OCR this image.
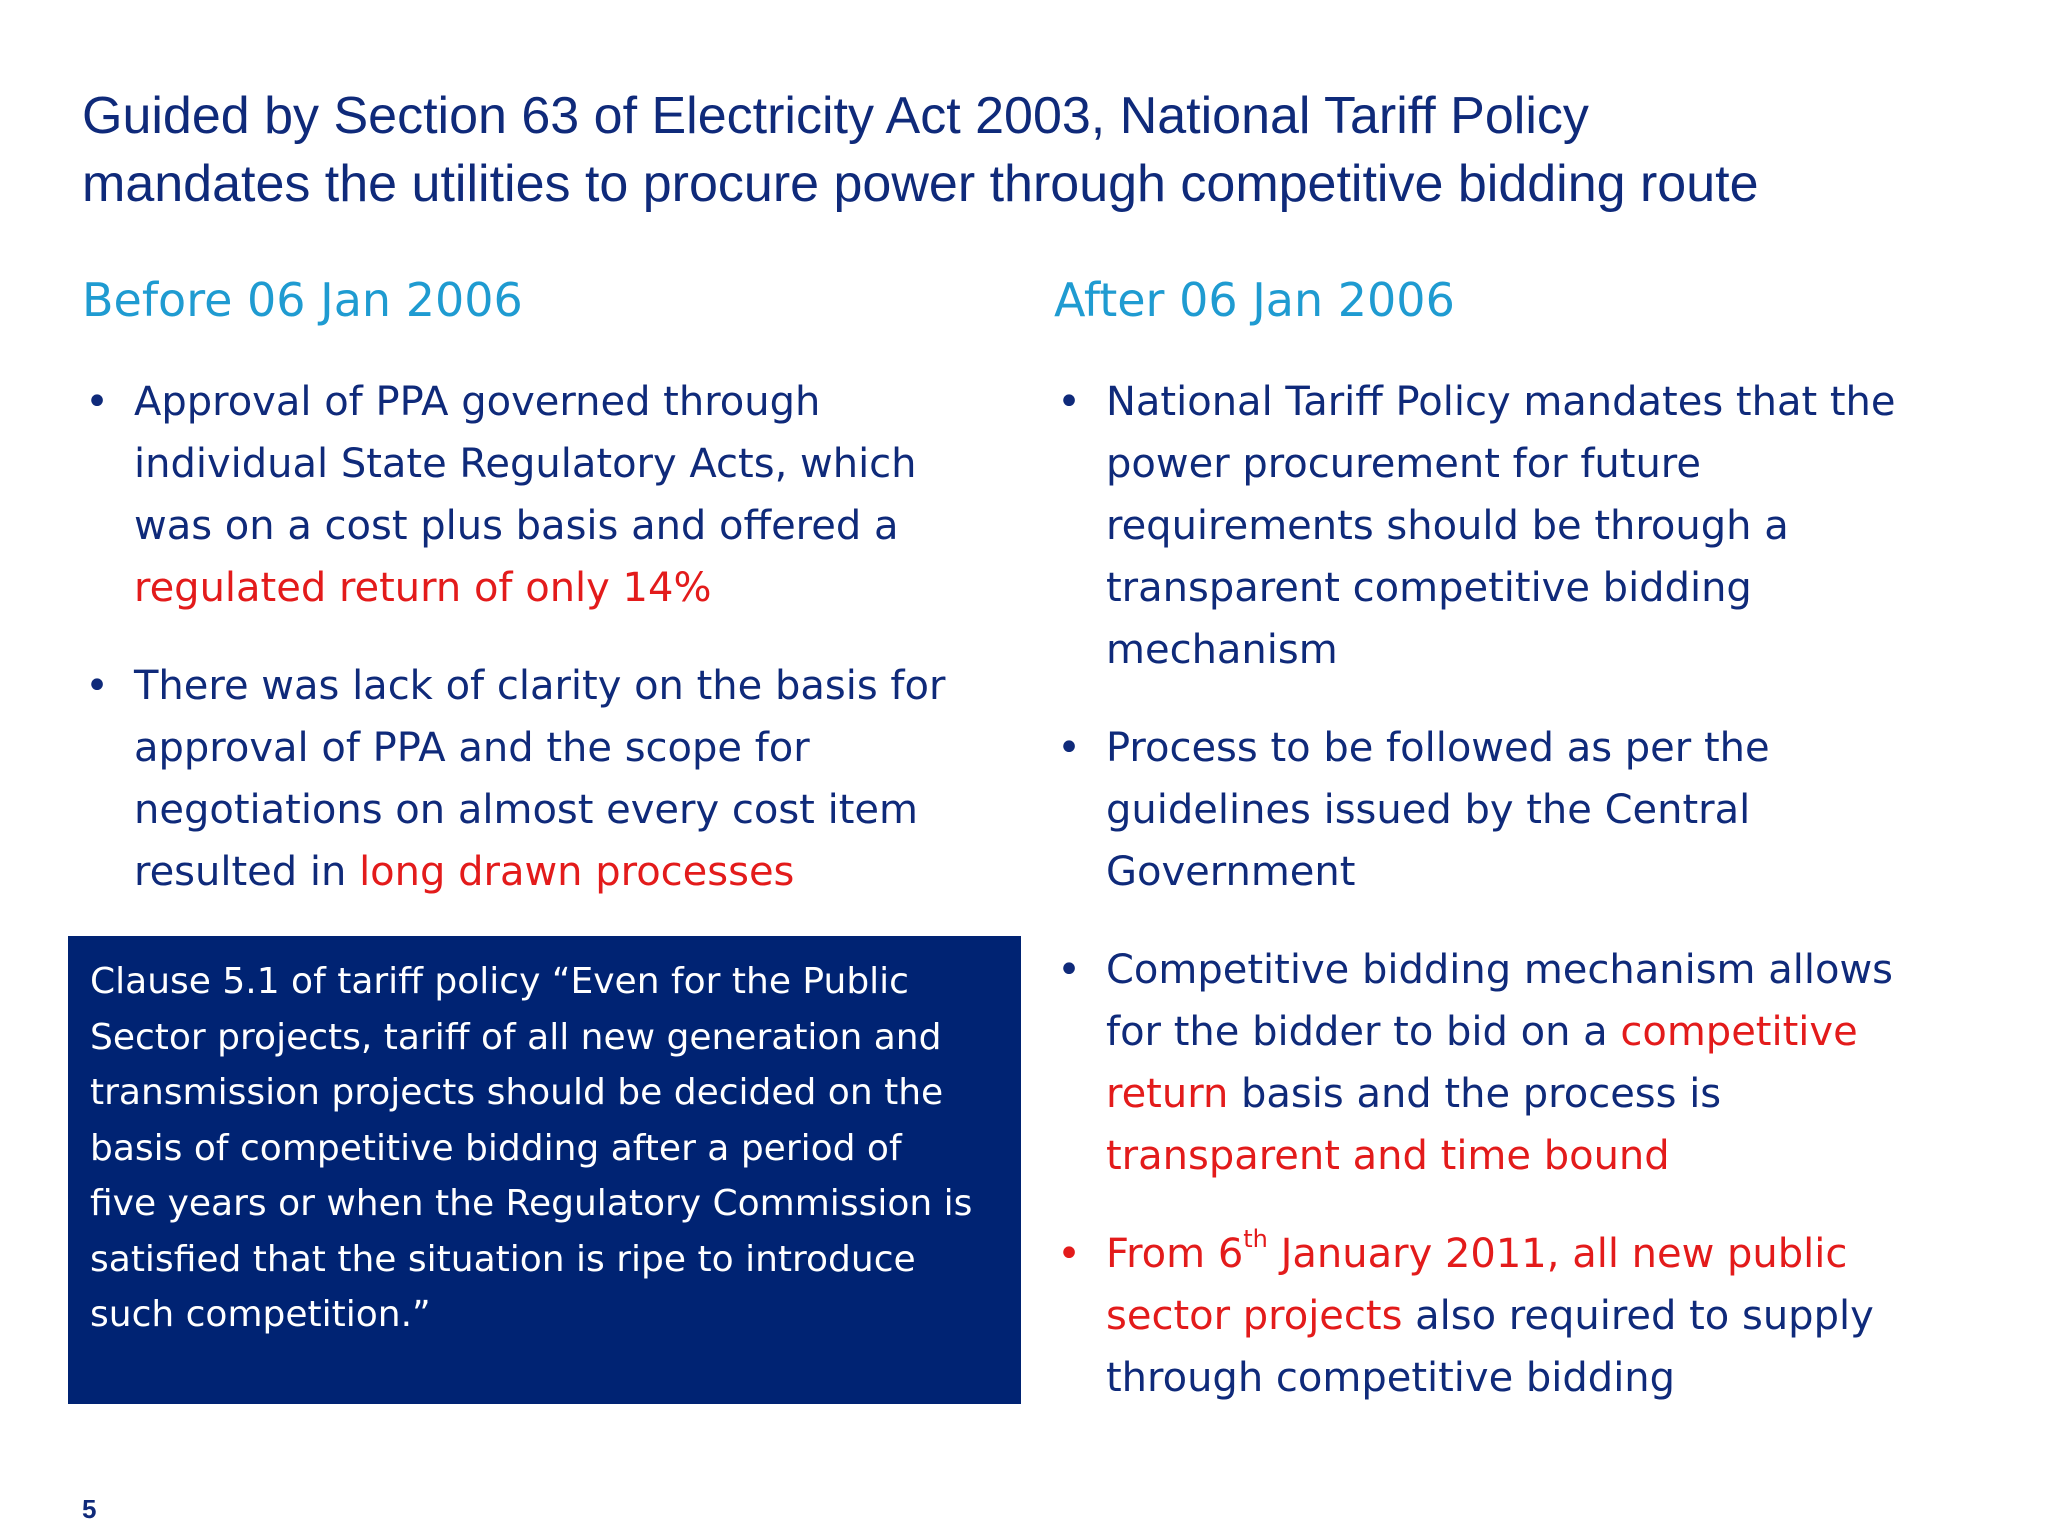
Guided by Section 63 of Electricity Act 2003, National Tariff Policy
mandates the utilities to procure power through competitive bidding route
Before 06 Jan 2006	After 06 Jan 2006
• Approval of PPA governed through
individual State Regulatory Acts, which
was on a cost plus basis and offered a
regulated return of only 14%
• There was lack of clarity on the basis for
approval of PPA and the scope for
negotiations on almost every cost item
resulted in long drawn processes

Clause 5.1 of tariff policy “Even for the Public
Sector projects, tariff of all new generation and
transmission projects should be decided on the
basis of competitive bidding after a period of
five years or when the Regulatory Commission is
satisfied that the situation is ripe to introduce
such competition.”

• National Tariff Policy mandates that the
power procurement for future
requirements should be through a
transparent competitive bidding
mechanism
• Process to be followed as per the
guidelines issued by the Central
Government
• Competitive bidding mechanism allows
for the bidder to bid on a competitive
return basis and the process is
transparent and time bound
• From 6th January 2011, all new public
sector projects also required to supply
through competitive bidding
5
